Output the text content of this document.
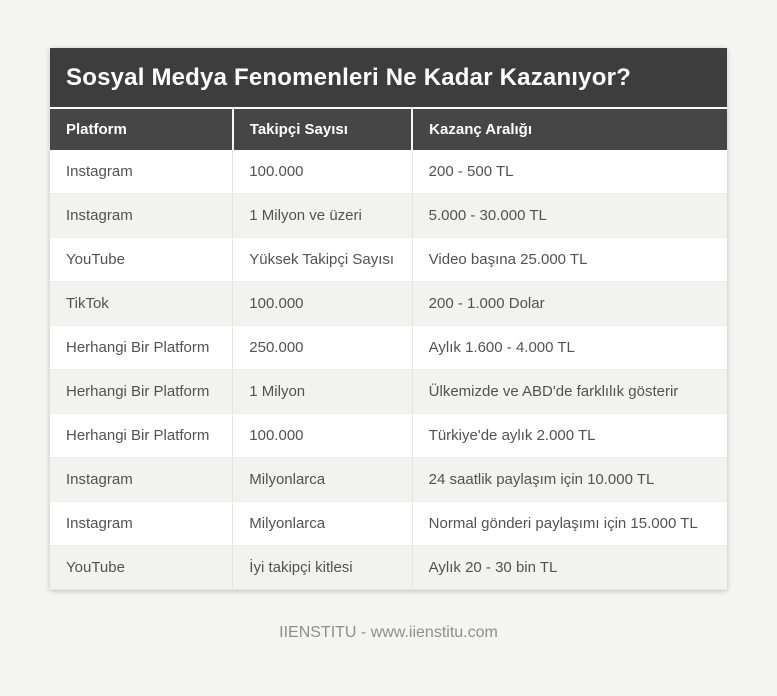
Sosyal Medya Fenomenleri Ne Kadar Kazanıyor?
Platform	Takipçi Sayısı	Kazanç Aralığı
Instagram	100.000	200 - 500 TL
Instagram	1 Milyon ve üzeri	5.000 - 30.000 TL
YouTube	Yüksek Takipçi Sayısı	Video başına 25.000 TL
TikTok	100.000	200 - 1.000 Dolar
Herhangi Bir Platform	250.000	Aylık 1.600 - 4.000 TL
Herhangi Bir Platform	1 Milyon	Ülkemizde ve ABD'de farklılık gösterir
Herhangi Bir Platform	100.000	Türkiye'de aylık 2.000 TL
Instagram	Milyonlarca	24 saatlik paylaşım için 10.000 TL
Instagram	Milyonlarca	Normal gönderi paylaşımı için 15.000 TL
YouTube	İyi takipçi kitlesi	Aylık 20 - 30 bin TL
IIENSTITU - www.iienstitu.com
